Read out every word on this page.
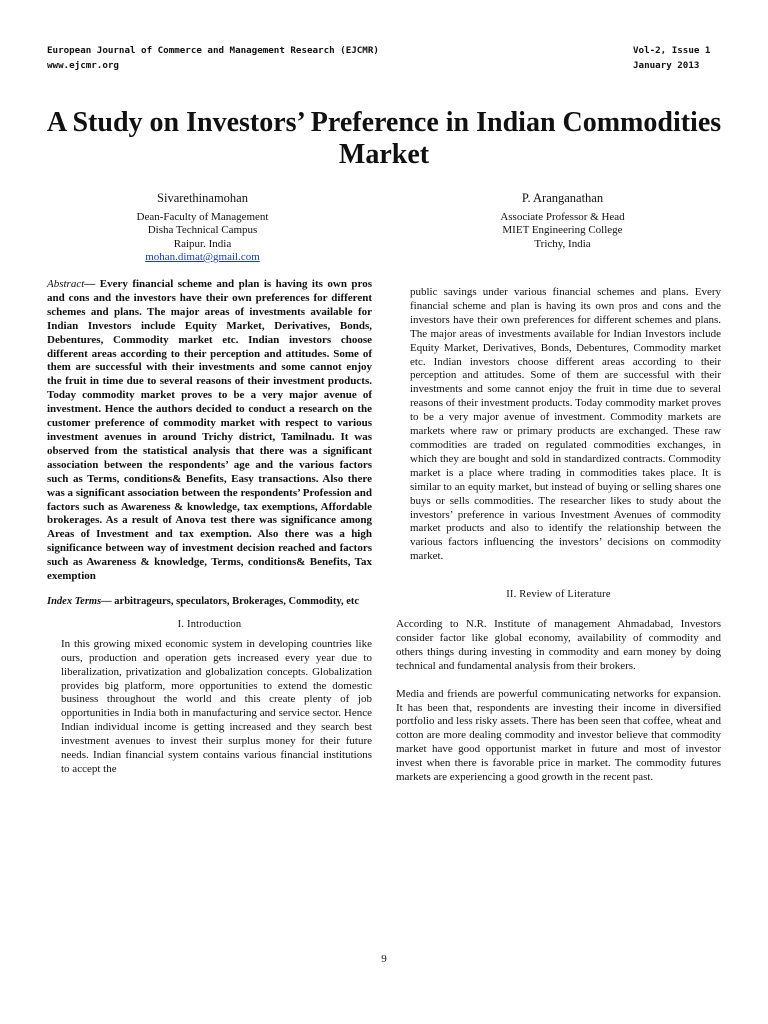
European Journal of Commerce and Management Research (EJCMR)	Vol-2, Issue 1
www.ejcmr.org	January 2013
A Study on Investors’ Preference in Indian Commodities Market
Sivarethinamohan
Dean-Faculty of Management
Disha Technical Campus
Raipur. India
mohan.dimat@gmail.com
P. Aranganathan
Associate Professor & Head
MIET Engineering College
Trichy, India

Abstract— Every financial scheme and plan is having its own pros and cons and the investors have their own preferences for different schemes and plans. The major areas of investments available for Indian Investors include Equity Market, Derivatives, Bonds, Debentures, Commodity market etc. Indian investors choose different areas according to their perception and attitudes. Some of them are successful with their investments and some cannot enjoy the fruit in time due to several reasons of their investment products. Today commodity market proves to be a very major avenue of investment. Hence the authors decided to conduct a research on the customer preference of commodity market with respect to various investment avenues in around Trichy district, Tamilnadu. It was observed from the statistical analysis that there was a significant association between the respondents’ age and the various factors such as Terms, conditions& Benefits, Easy transactions. Also there was a significant association between the respondents’ Profession and factors such as Awareness & knowledge, tax exemptions, Affordable brokerages. As a result of Anova test there was significance among Areas of Investment and tax exemption. Also there was a high significance between way of investment decision reached and factors such as Awareness & knowledge, Terms, conditions& Benefits, Tax exemption

Index Terms— arbitrageurs, speculators, Brokerages, Commodity, etc

I. Introduction

In this growing mixed economic system in developing countries like ours, production and operation gets increased every year due to liberalization, privatization and globalization concepts. Globalization provides big platform, more opportunities to extend the domestic business throughout the world and this create plenty of job opportunities in India both in manufacturing and service sector. Hence Indian individual income is getting increased and they search best investment avenues to invest their surplus money for their future needs. Indian financial system contains various financial institutions to accept the

public savings under various financial schemes and plans. Every financial scheme and plan is having its own pros and cons and the investors have their own preferences for different schemes and plans. The major areas of investments available for Indian Investors include Equity Market, Derivatives, Bonds, Debentures, Commodity market etc. Indian investors choose different areas according to their perception and attitudes. Some of them are successful with their investments and some cannot enjoy the fruit in time due to several reasons of their investment products. Today commodity market proves to be a very major avenue of investment. Commodity markets are markets where raw or primary products are exchanged. These raw commodities are traded on regulated commodities exchanges, in which they are bought and sold in standardized contracts. Commodity market is a place where trading in commodities takes place. It is similar to an equity market, but instead of buying or selling shares one buys or sells commodities. The researcher likes to study about the investors’ preference in various Investment Avenues of commodity market products and also to identify the relationship between the various factors influencing the investors’ decisions on commodity market.

II. Review of Literature

According to N.R. Institute of management Ahmadabad, Investors consider factor like global economy, availability of commodity and others things during investing in commodity and earn money by doing technical and fundamental analysis from their brokers.

Media and friends are powerful communicating networks for expansion. It has been that, respondents are investing their income in diversified portfolio and less risky assets. There has been seen that coffee, wheat and cotton are more dealing commodity and investor believe that commodity market have good opportunist market in future and most of investor invest when there is favorable price in market. The commodity futures markets are experiencing a good growth in the recent past.

9
